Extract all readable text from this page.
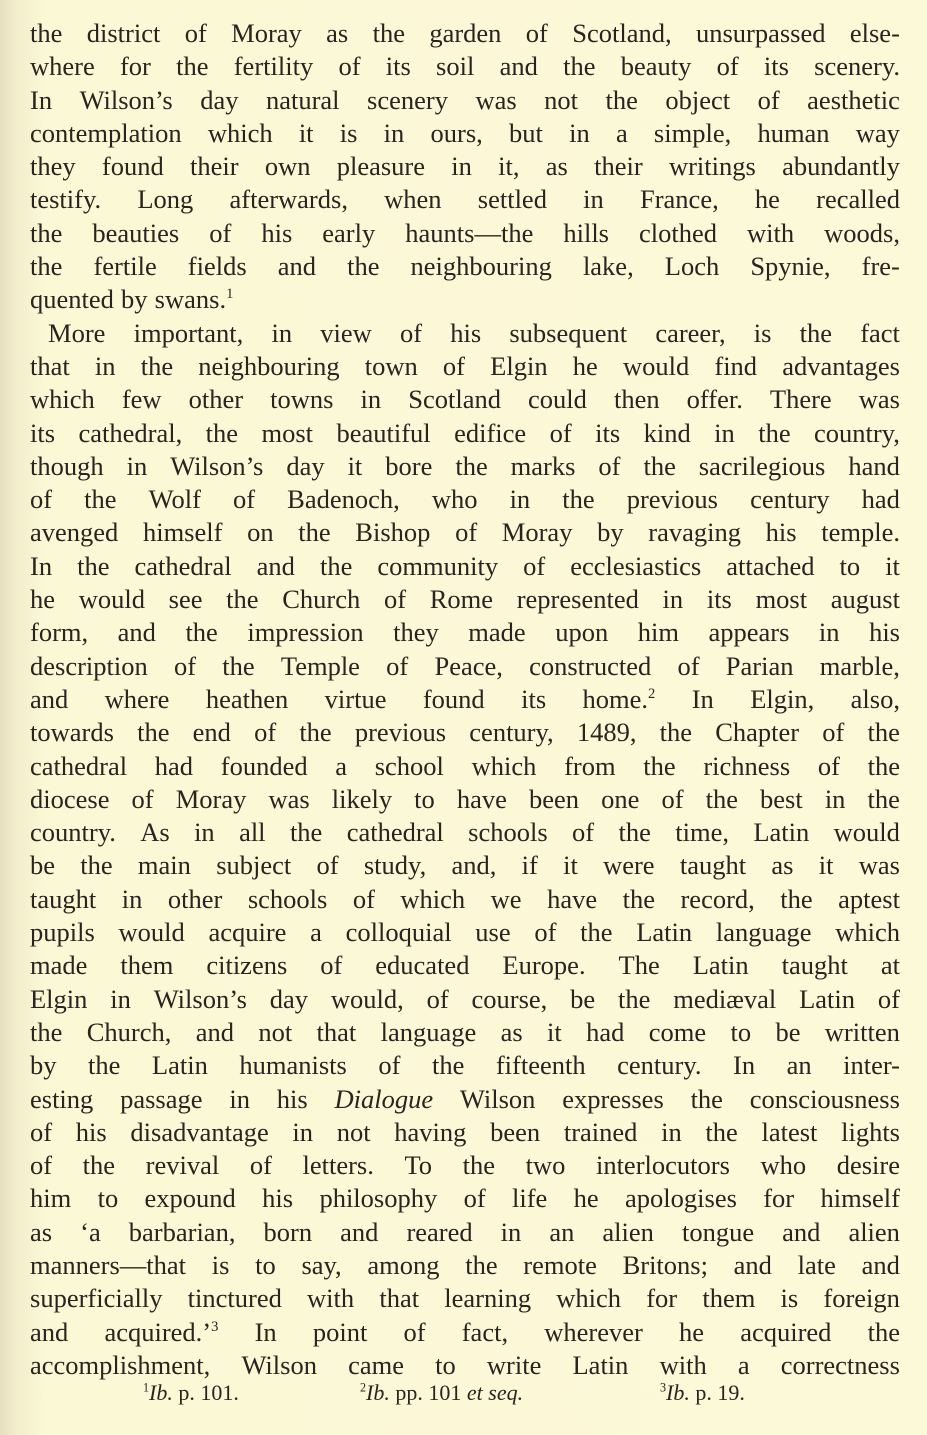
the district of Moray as the garden of Scotland, unsurpassed else-
where for the fertility of its soil and the beauty of its scenery.
In Wilson’s day natural scenery was not the object of aesthetic
contemplation which it is in ours, but in a simple, human way
they found their own pleasure in it, as their writings abundantly
testify. Long afterwards, when settled in France, he recalled
the beauties of his early haunts—the hills clothed with woods,
the fertile fields and the neighbouring lake, Loch Spynie, fre-
quented by swans.$^1$
More important, in view of his subsequent career, is the fact
that in the neighbouring town of Elgin he would find advantages
which few other towns in Scotland could then offer. There was
its cathedral, the most beautiful edifice of its kind in the country,
though in Wilson’s day it bore the marks of the sacrilegious hand
of the Wolf of Badenoch, who in the previous century had
avenged himself on the Bishop of Moray by ravaging his temple.
In the cathedral and the community of ecclesiastics attached to it
he would see the Church of Rome represented in its most august
form, and the impression they made upon him appears in his
description of the Temple of Peace, constructed of Parian marble,
and where heathen virtue found its home.$^2$ In Elgin, also,
towards the end of the previous century, 1489, the Chapter of the
cathedral had founded a school which from the richness of the
diocese of Moray was likely to have been one of the best in the
country. As in all the cathedral schools of the time, Latin would
be the main subject of study, and, if it were taught as it was
taught in other schools of which we have the record, the aptest
pupils would acquire a colloquial use of the Latin language which
made them citizens of educated Europe. The Latin taught at
Elgin in Wilson’s day would, of course, be the mediæval Latin of
the Church, and not that language as it had come to be written
by the Latin humanists of the fifteenth century. In an inter-
esting passage in his Dialogue Wilson expresses the consciousness
of his disadvantage in not having been trained in the latest lights
of the revival of letters. To the two interlocutors who desire
him to expound his philosophy of life he apologises for himself
as ‘a barbarian, born and reared in an alien tongue and alien
manners—that is to say, among the remote Britons; and late and
superficially tinctured with that learning which for them is foreign
and acquired.’$^3$ In point of fact, wherever he acquired the
accomplishment, Wilson came to write Latin with a correctness
$^1$Ib. p. 101.	$^2$Ib. pp. 101 et seq.	$^3$Ib. p. 19.
